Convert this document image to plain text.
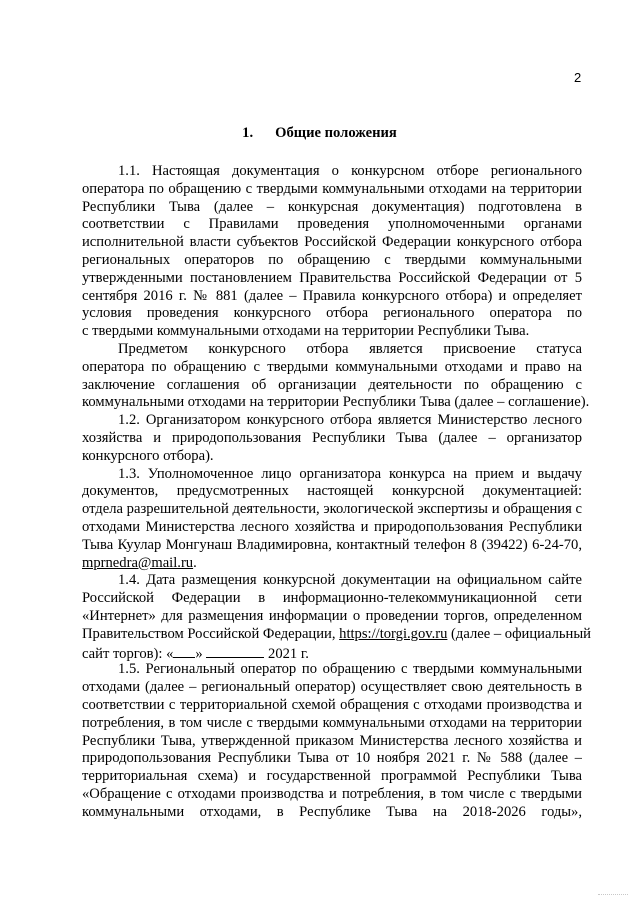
2
1. Общие положения
1.1. Настоящая документация о конкурсном отборе регионального
оператора по обращению с твердыми коммунальными отходами на территории
Республики Тыва (далее – конкурсная документация) подготовлена в
соответствии с Правилами проведения уполномоченными органами
исполнительной власти субъектов Российской Федерации конкурсного отбора
региональных операторов по обращению с твердыми коммунальными
утвержденными постановлением Правительства Российской Федерации от 5
сентября 2016 г. № 881 (далее – Правила конкурсного отбора) и определяет
условия проведения конкурсного отбора регионального оператора по
с твердыми коммунальными отходами на территории Республики Тыва.
Предметом конкурсного отбора является присвоение статуса
оператора по обращению с твердыми коммунальными отходами и право на
заключение соглашения об организации деятельности по обращению с
коммунальными отходами на территории Республики Тыва (далее – соглашение).
1.2. Организатором конкурсного отбора является Министерство лесного
хозяйства и природопользования Республики Тыва (далее – организатор
конкурсного отбора).
1.3. Уполномоченное лицо организатора конкурса на прием и выдачу
документов, предусмотренных настоящей конкурсной документацией:
отдела разрешительной деятельности, экологической экспертизы и обращения с
отходами Министерства лесного хозяйства и природопользования Республики
Тыва Куулар Монгунаш Владимировна, контактный телефон 8 (39422) 6-24-70,
mprnedra@mail.ru.
1.4. Дата размещения конкурсной документации на официальном сайте
Российской Федерации в информационно-телекоммуникационной сети
«Интернет» для размещения информации о проведении торгов, определенном
Правительством Российской Федерации, https://torgi.gov.ru (далее – официальный
сайт торгов): « »	2021 г.
1.5. Региональный оператор по обращению с твердыми коммунальными
отходами (далее – региональный оператор) осуществляет свою деятельность в
соответствии с территориальной схемой обращения с отходами производства и
потребления, в том числе с твердыми коммунальными отходами на территории
Республики Тыва, утвержденной приказом Министерства лесного хозяйства и
природопользования Республики Тыва от 10 ноября 2021 г. № 588 (далее –
территориальная схема) и государственной программой Республики Тыва
«Обращение с отходами производства и потребления, в том числе с твердыми
коммунальными отходами, в Республике Тыва на 2018-2026 годы»,
